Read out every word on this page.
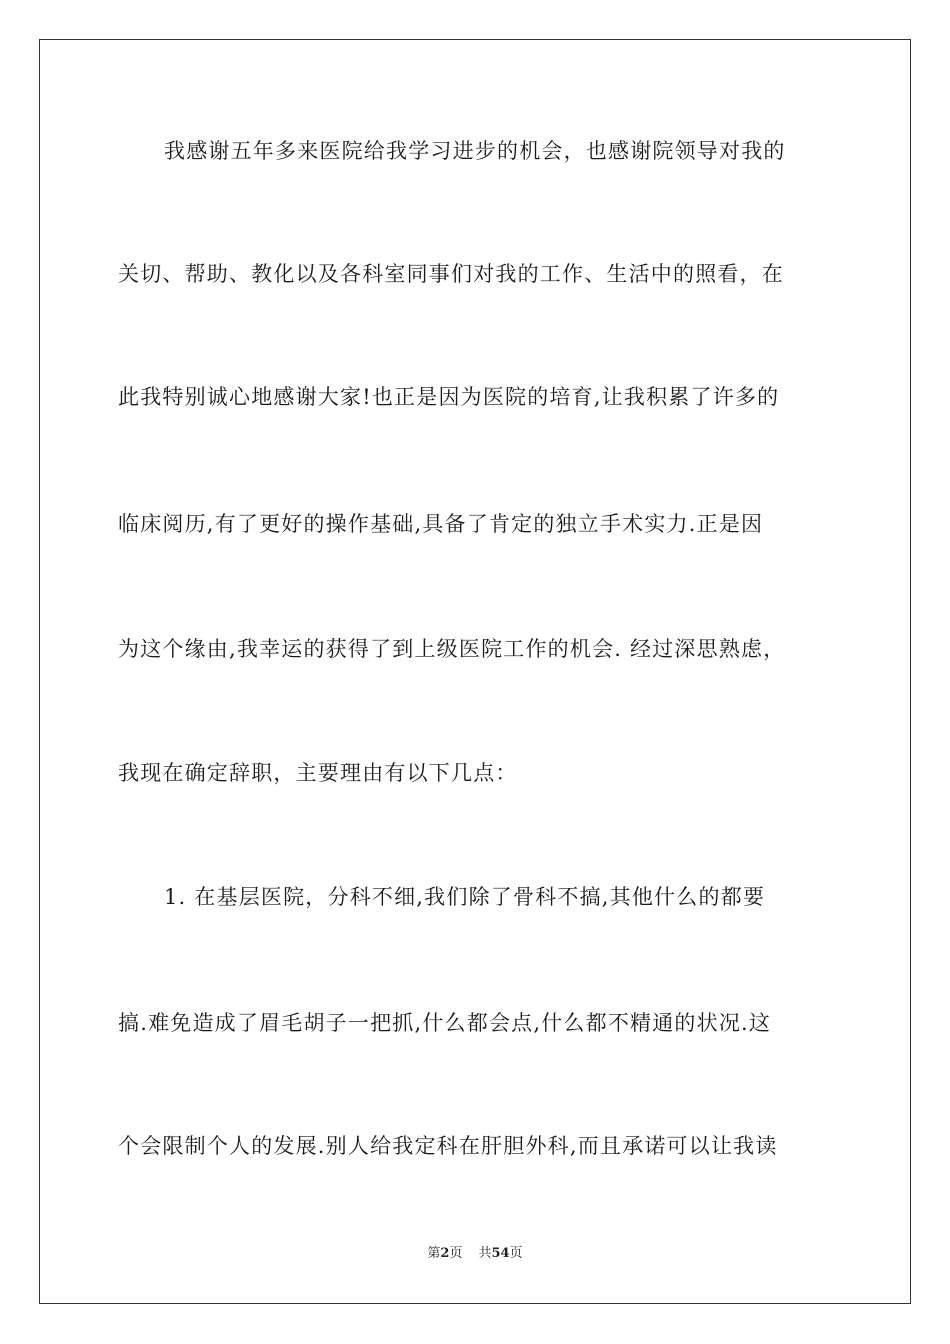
我感谢五年多来医院给我学习进步的机会，也感谢院领导对我的
关切、帮助、教化以及各科室同事们对我的工作、生活中的照看，在
此我特别诚心地感谢大家!也正是因为医院的培育,让我积累了许多的
临床阅历,有了更好的操作基础,具备了肯定的独立手术实力.正是因
为这个缘由,我幸运的获得了到上级医院工作的机会. 经过深思熟虑，
我现在确定辞职，主要理由有以下几点：
1. 在基层医院，分科不细,我们除了骨科不搞,其他什么的都要
搞.难免造成了眉毛胡子一把抓,什么都会点,什么都不精通的状况.这
个会限制个人的发展.别人给我定科在肝胆外科,而且承诺可以让我读
第2页 共54页
